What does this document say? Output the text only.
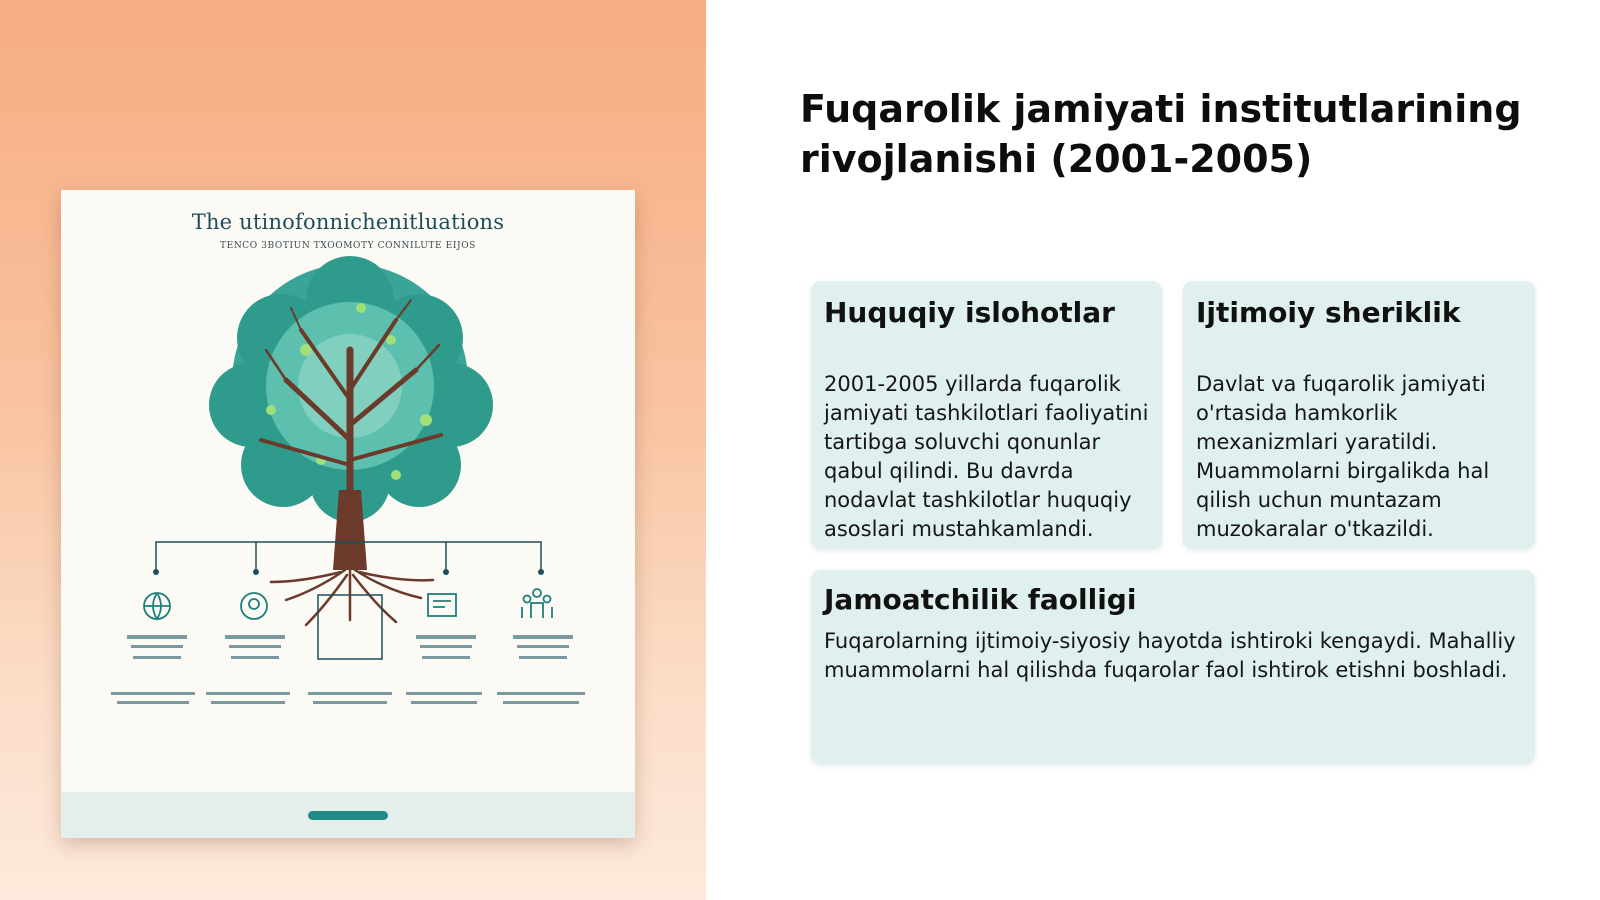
The utinofonnichenitluations
TENCO 3BOTIUN TXOOMOTY CONNILUTE EIJOS
Fuqarolik jamiyati institutlarining rivojlanishi (2001-2005)
Huquqiy islohotlar

2001-2005 yillarda fuqarolik jamiyati tashkilotlari faoliyatini tartibga soluvchi qonunlar qabul qilindi. Bu davrda nodavlat tashkilotlar huquqiy asoslari mustahkamlandi.

Ijtimoiy sheriklik

Davlat va fuqarolik jamiyati o'rtasida hamkorlik mexanizmlari yaratildi. Muammolarni birgalikda hal qilish uchun muntazam muzokaralar o'tkazildi.

Jamoatchilik faolligi

Fuqarolarning ijtimoiy-siyosiy hayotda ishtiroki kengaydi. Mahalliy muammolarni hal qilishda fuqarolar faol ishtirok etishni boshladi.
